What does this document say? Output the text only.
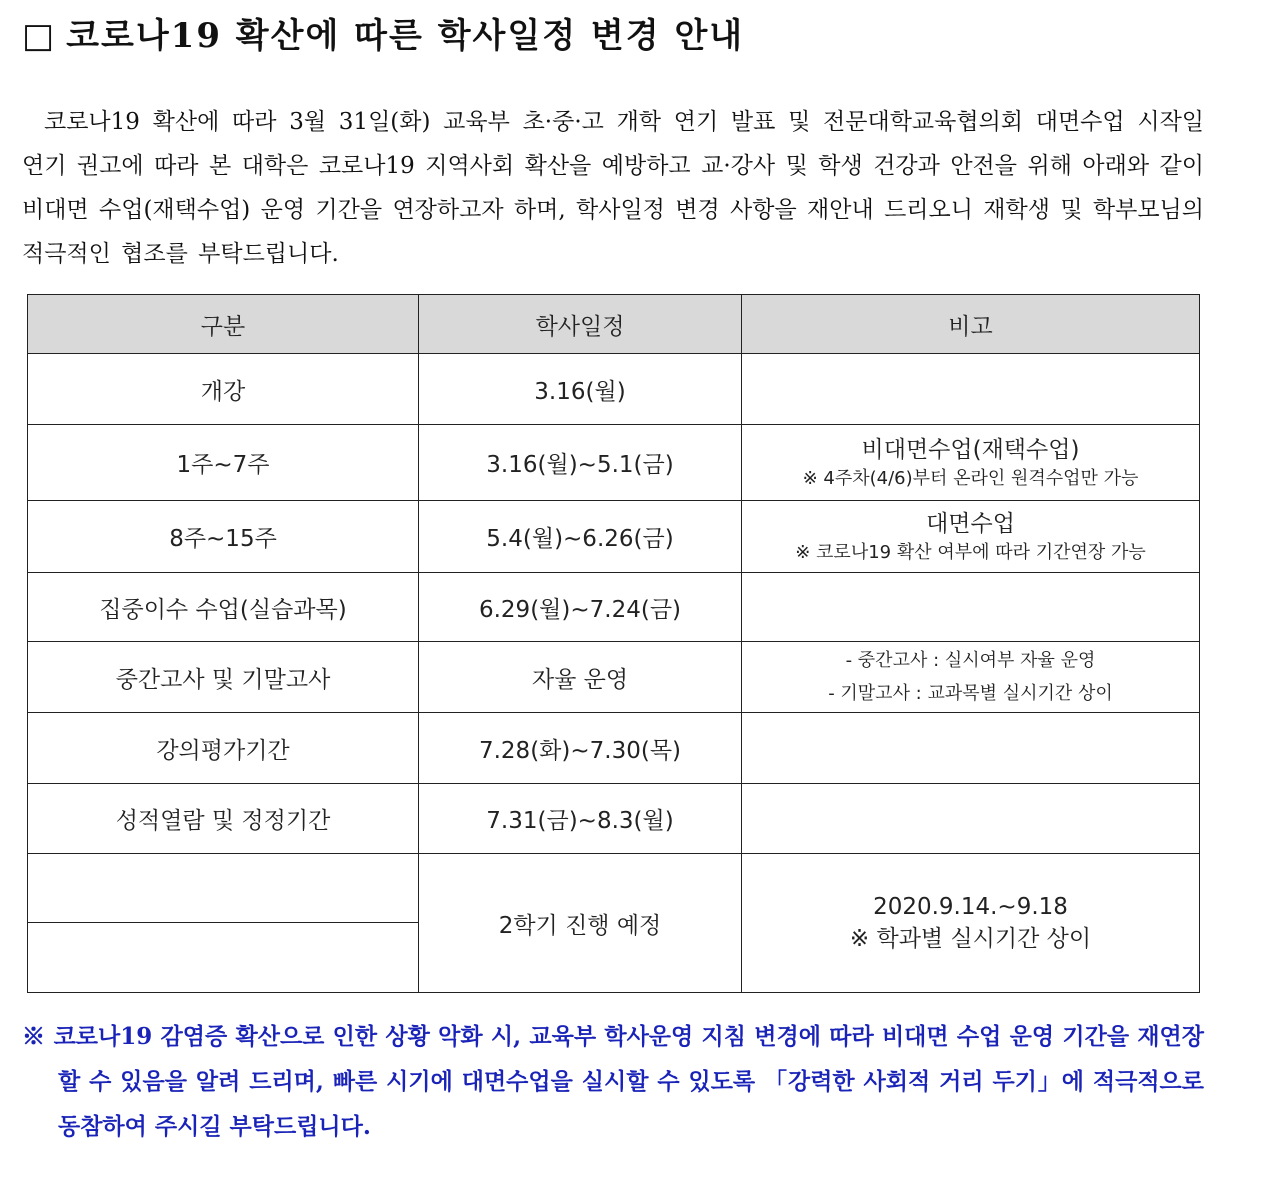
□ 코로나19 확산에 따른 학사일정 변경 안내

코로나19 확산에 따라 3월 31일(화) 교육부 초·중·고 개학 연기 발표 및 전문대학교육협의회 대면수업 시작일 연기 권고에 따라 본 대학은 코로나19 지역사회 확산을 예방하고 교·강사 및 학생 건강과 안전을 위해 아래와 같이 비대면 수업(재택수업) 운영 기간을 연장하고자 하며, 학사일정 변경 사항을 재안내 드리오니 재학생 및 학부모님의 적극적인 협조를 부탁드립니다.

구분	학사일정	비고
개강	3.16(월)	
1주~7주	3.16(월)~5.1(금)	비대면수업(재택수업)
※ 4주차(4/6)부터 온라인 원격수업만 가능

8주~15주	5.4(월)~6.26(금)	대면수업
※ 코로나19 확산 여부에 따라 기간연장 가능

집중이수 수업(실습과목)	6.29(월)~7.24(금)	
중간고사 및 기말고사	자율 운영	- 중간고사 : 실시여부 자율 운영
- 기말고사 : 교과목별 실시기간 상이

강의평가기간	7.28(화)~7.30(목)	
성적열람 및 정정기간	7.31(금)~8.3(월)	
	2학기 진행 예정	2020.9.14.~9.18
※ 학과별 실시기간 상이

※ 코로나19 감염증 확산으로 인한 상황 악화 시, 교육부 학사운영 지침 변경에 따라 비대면 수업 운영 기간을 재연장할 수 있음을 알려 드리며, 빠른 시기에 대면수업을 실시할 수 있도록 「강력한 사회적 거리 두기」에 적극적으로 동참하여 주시길 부탁드립니다.
